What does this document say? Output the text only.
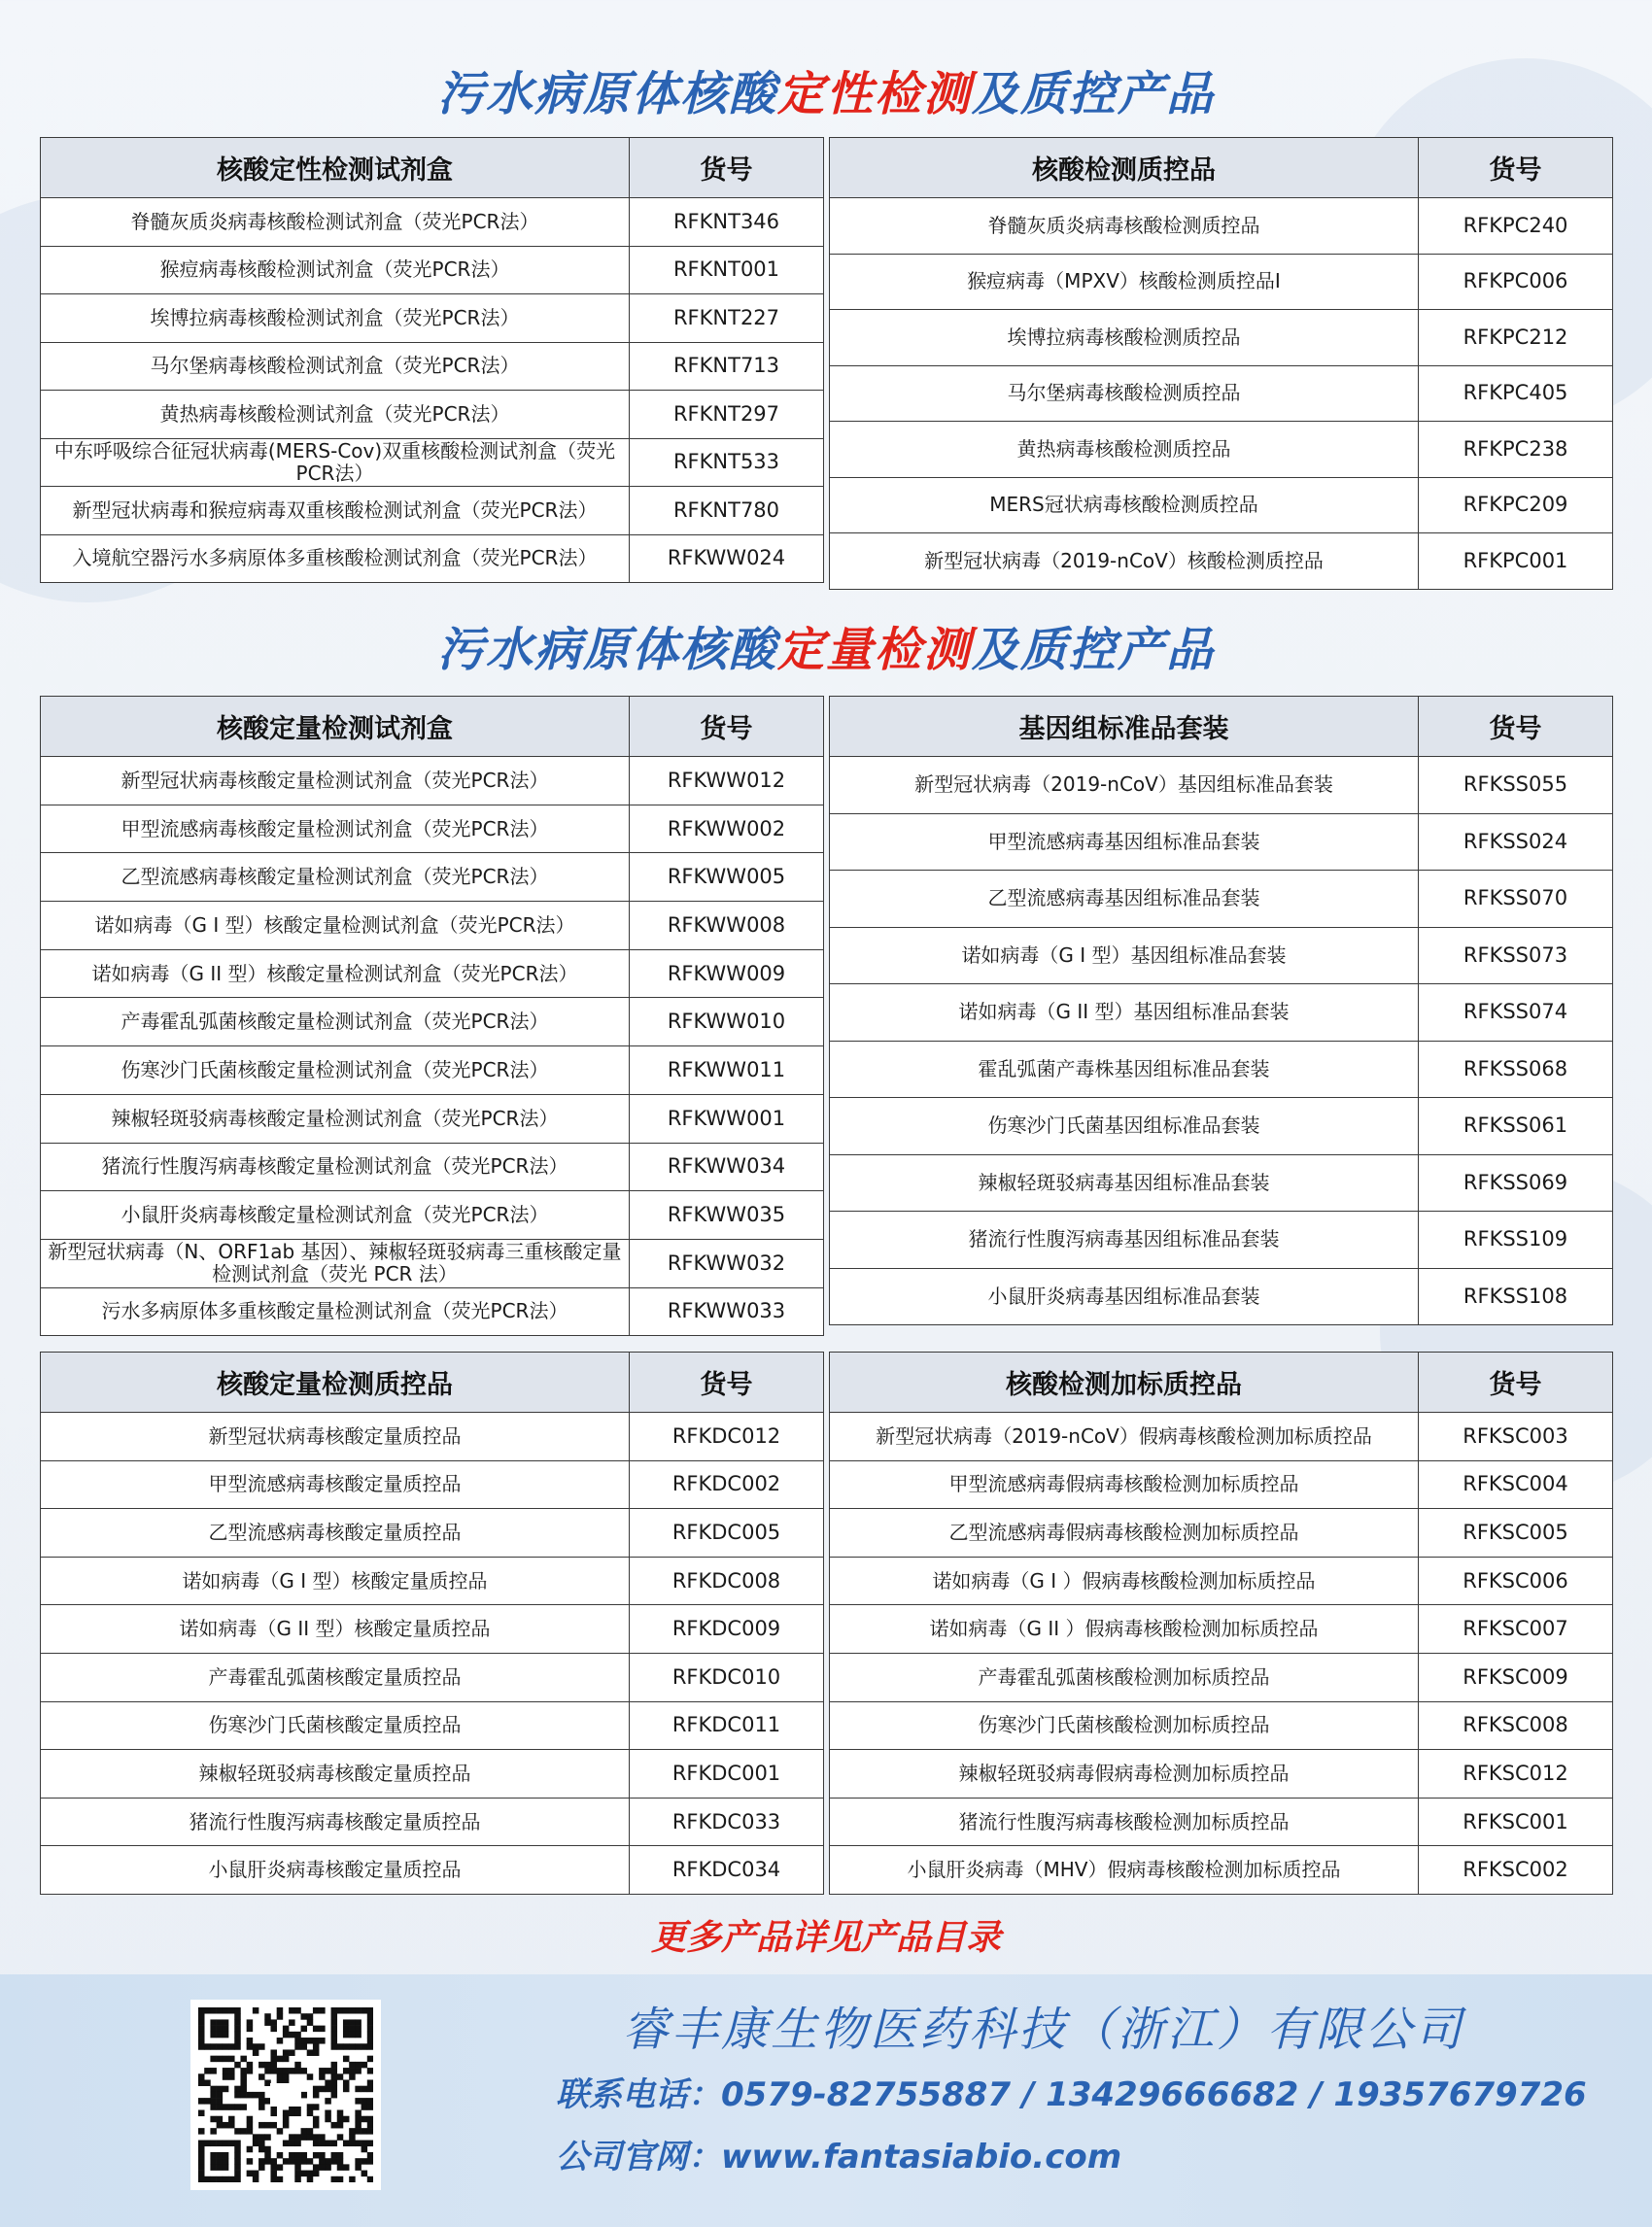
污水病原体核酸定性检测及质控产品
核酸定性检测试剂盒	货号
脊髓灰质炎病毒核酸检测试剂盒（荧光PCR法）	RFKNT346
猴痘病毒核酸检测试剂盒（荧光PCR法）	RFKNT001
埃博拉病毒核酸检测试剂盒（荧光PCR法）	RFKNT227
马尔堡病毒核酸检测试剂盒（荧光PCR法）	RFKNT713
黄热病毒核酸检测试剂盒（荧光PCR法）	RFKNT297
中东呼吸综合征冠状病毒(MERS-Cov)双重核酸检测试剂盒（荧光PCR法）	RFKNT533
新型冠状病毒和猴痘病毒双重核酸检测试剂盒（荧光PCR法）	RFKNT780
入境航空器污水多病原体多重核酸检测试剂盒（荧光PCR法）	RFKWW024
核酸检测质控品	货号
脊髓灰质炎病毒核酸检测质控品	RFKPC240
猴痘病毒（MPXV）核酸检测质控品I	RFKPC006
埃博拉病毒核酸检测质控品	RFKPC212
马尔堡病毒核酸检测质控品	RFKPC405
黄热病毒核酸检测质控品	RFKPC238
MERS冠状病毒核酸检测质控品	RFKPC209
新型冠状病毒（2019-nCoV）核酸检测质控品	RFKPC001
污水病原体核酸定量检测及质控产品
核酸定量检测试剂盒	货号
新型冠状病毒核酸定量检测试剂盒（荧光PCR法）	RFKWW012
甲型流感病毒核酸定量检测试剂盒（荧光PCR法）	RFKWW002
乙型流感病毒核酸定量检测试剂盒（荧光PCR法）	RFKWW005
诺如病毒（G I 型）核酸定量检测试剂盒（荧光PCR法）	RFKWW008
诺如病毒（G II 型）核酸定量检测试剂盒（荧光PCR法）	RFKWW009
产毒霍乱弧菌核酸定量检测试剂盒（荧光PCR法）	RFKWW010
伤寒沙门氏菌核酸定量检测试剂盒（荧光PCR法）	RFKWW011
辣椒轻斑驳病毒核酸定量检测试剂盒（荧光PCR法）	RFKWW001
猪流行性腹泻病毒核酸定量检测试剂盒（荧光PCR法）	RFKWW034
小鼠肝炎病毒核酸定量检测试剂盒（荧光PCR法）	RFKWW035
新型冠状病毒（N、ORF1ab 基因）、辣椒轻斑驳病毒三重核酸定量检测试剂盒（荧光 PCR 法）	RFKWW032
污水多病原体多重核酸定量检测试剂盒（荧光PCR法）	RFKWW033
基因组标准品套装	货号
新型冠状病毒（2019-nCoV）基因组标准品套装	RFKSS055
甲型流感病毒基因组标准品套装	RFKSS024
乙型流感病毒基因组标准品套装	RFKSS070
诺如病毒（G I 型）基因组标准品套装	RFKSS073
诺如病毒（G II 型）基因组标准品套装	RFKSS074
霍乱弧菌产毒株基因组标准品套装	RFKSS068
伤寒沙门氏菌基因组标准品套装	RFKSS061
辣椒轻斑驳病毒基因组标准品套装	RFKSS069
猪流行性腹泻病毒基因组标准品套装	RFKSS109
小鼠肝炎病毒基因组标准品套装	RFKSS108
核酸定量检测质控品	货号
新型冠状病毒核酸定量质控品	RFKDC012
甲型流感病毒核酸定量质控品	RFKDC002
乙型流感病毒核酸定量质控品	RFKDC005
诺如病毒（G I 型）核酸定量质控品	RFKDC008
诺如病毒（G II 型）核酸定量质控品	RFKDC009
产毒霍乱弧菌核酸定量质控品	RFKDC010
伤寒沙门氏菌核酸定量质控品	RFKDC011
辣椒轻斑驳病毒核酸定量质控品	RFKDC001
猪流行性腹泻病毒核酸定量质控品	RFKDC033
小鼠肝炎病毒核酸定量质控品	RFKDC034
核酸检测加标质控品	货号
新型冠状病毒（2019-nCoV）假病毒核酸检测加标质控品	RFKSC003
甲型流感病毒假病毒核酸检测加标质控品	RFKSC004
乙型流感病毒假病毒核酸检测加标质控品	RFKSC005
诺如病毒（G I ）假病毒核酸检测加标质控品	RFKSC006
诺如病毒（G II ）假病毒核酸检测加标质控品	RFKSC007
产毒霍乱弧菌核酸检测加标质控品	RFKSC009
伤寒沙门氏菌核酸检测加标质控品	RFKSC008
辣椒轻斑驳病毒假病毒检测加标质控品	RFKSC012
猪流行性腹泻病毒核酸检测加标质控品	RFKSC001
小鼠肝炎病毒（MHV）假病毒核酸检测加标质控品	RFKSC002
更多产品详见产品目录
睿丰康生物医药科技（浙江）有限公司
联系电话：0579-82755887 / 13429666682 / 19357679726
公司官网：www.fantasiabio.com
